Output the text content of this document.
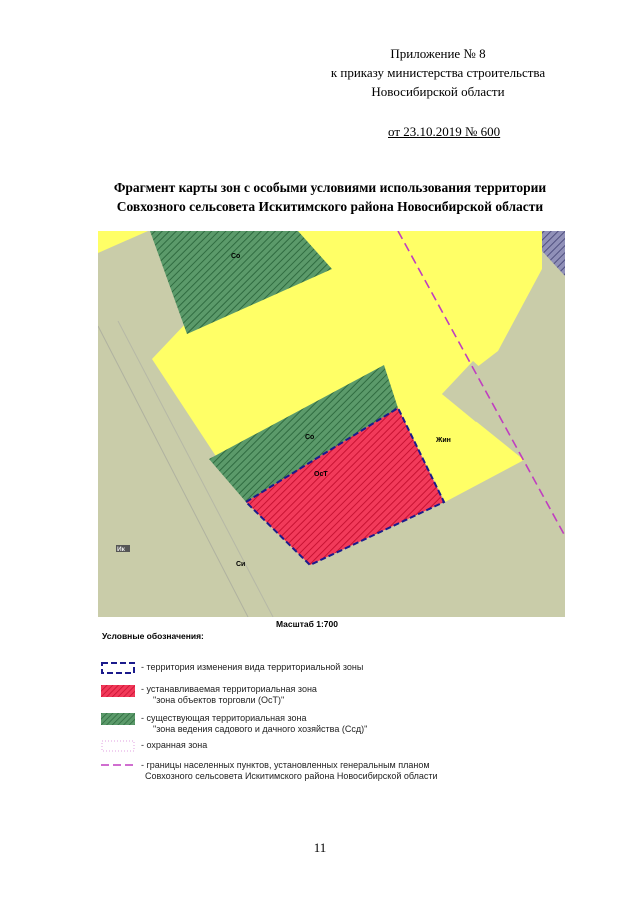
Приложение № 8
к приказу министерства строительства
Новосибирской области
от 23.10.2019 № 600
Фрагмент карты зон с особыми условиями использования территории
Совхозного сельсовета Искитимского района Новосибирской области
Со
Со
ОсТ
Жин
Ик
Си
Масштаб 1:700
Условные обозначения:
- территория изменения вида территориальной зоны
- устанавливаемая территориальная зона
"зона объектов торговли (ОсТ)"
- существующая территориальная зона
"зона ведения садового и дачного хозяйства (Ссд)"
- охранная зона
- границы населенных пунктов, установленных генеральным планом
Совхозного сельсовета Искитимского района Новосибирской области
11
